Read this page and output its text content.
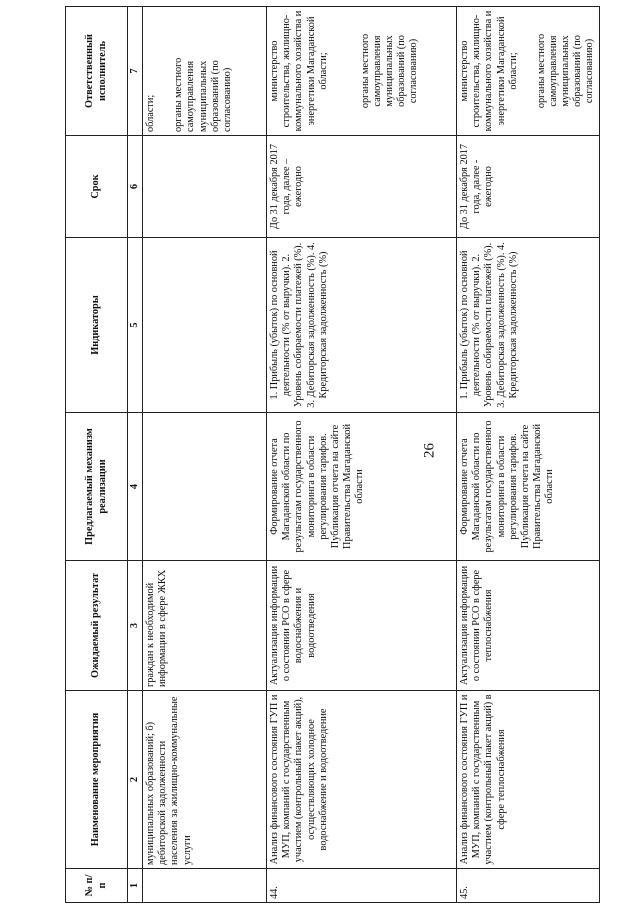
26
№ п/п	Наименование мероприятия	Ожидаемый результат	Предлагаемый механизм реализации	Индикаторы	Срок	Ответственный исполнитель
1	2	3	4	5	6	7
	муниципальных образований; б) дебиторской задолженности населения за жилищно-коммунальные услуги	граждан к необходимой информации в сфере ЖКХ				области; органы местного самоуправления муниципальных образований (по согласованию)
44.	Анализ финансового состояния ГУП и МУП, компаний с государственным участием (контрольный пакет акций), осуществляющих холодное водоснабжение и водоотведение	Актуализация информации о состоянии РСО в сфере водоснабжения и водоотведения	Формирование отчета Магаданской области по результатам государственного мониторинга в области регулирования тарифов. Публикация отчета на сайте Правительства Магаданской области	1. Прибыль (убыток) по основной деятельности (% от выручки). 2. Уровень собираемости платежей (%). 3. Дебиторская задолженность (%). 4. Кредиторская задолженность (%)	До 31 декабря 2017 года, далее – ежегодно	министерство строительства, жилищно-коммунального хозяйства и энергетики Магаданской области; органы местного самоуправления муниципальных образований (по согласованию)
45.	Анализ финансового состояния ГУП и МУП, компаний с государственным участием (контрольный пакет акций) в сфере теплоснабжения	Актуализация информации о состоянии РСО в сфере теплоснабжения	Формирование отчета Магаданской области по результатам государственного мониторинга в области регулирования тарифов. Публикация отчета на сайте Правительства Магаданской области	1. Прибыль (убыток) по основной деятельности (% от выручки). 2. Уровень собираемости платежей (%). 3. Дебиторская задолженность (%). 4. Кредиторская задолженность (%)	До 31 декабря 2017 года, далее - ежегодно	министерство строительства, жилищно-коммунального хозяйства и энергетики Магаданской области; органы местного самоуправления муниципальных образований (по согласованию)
